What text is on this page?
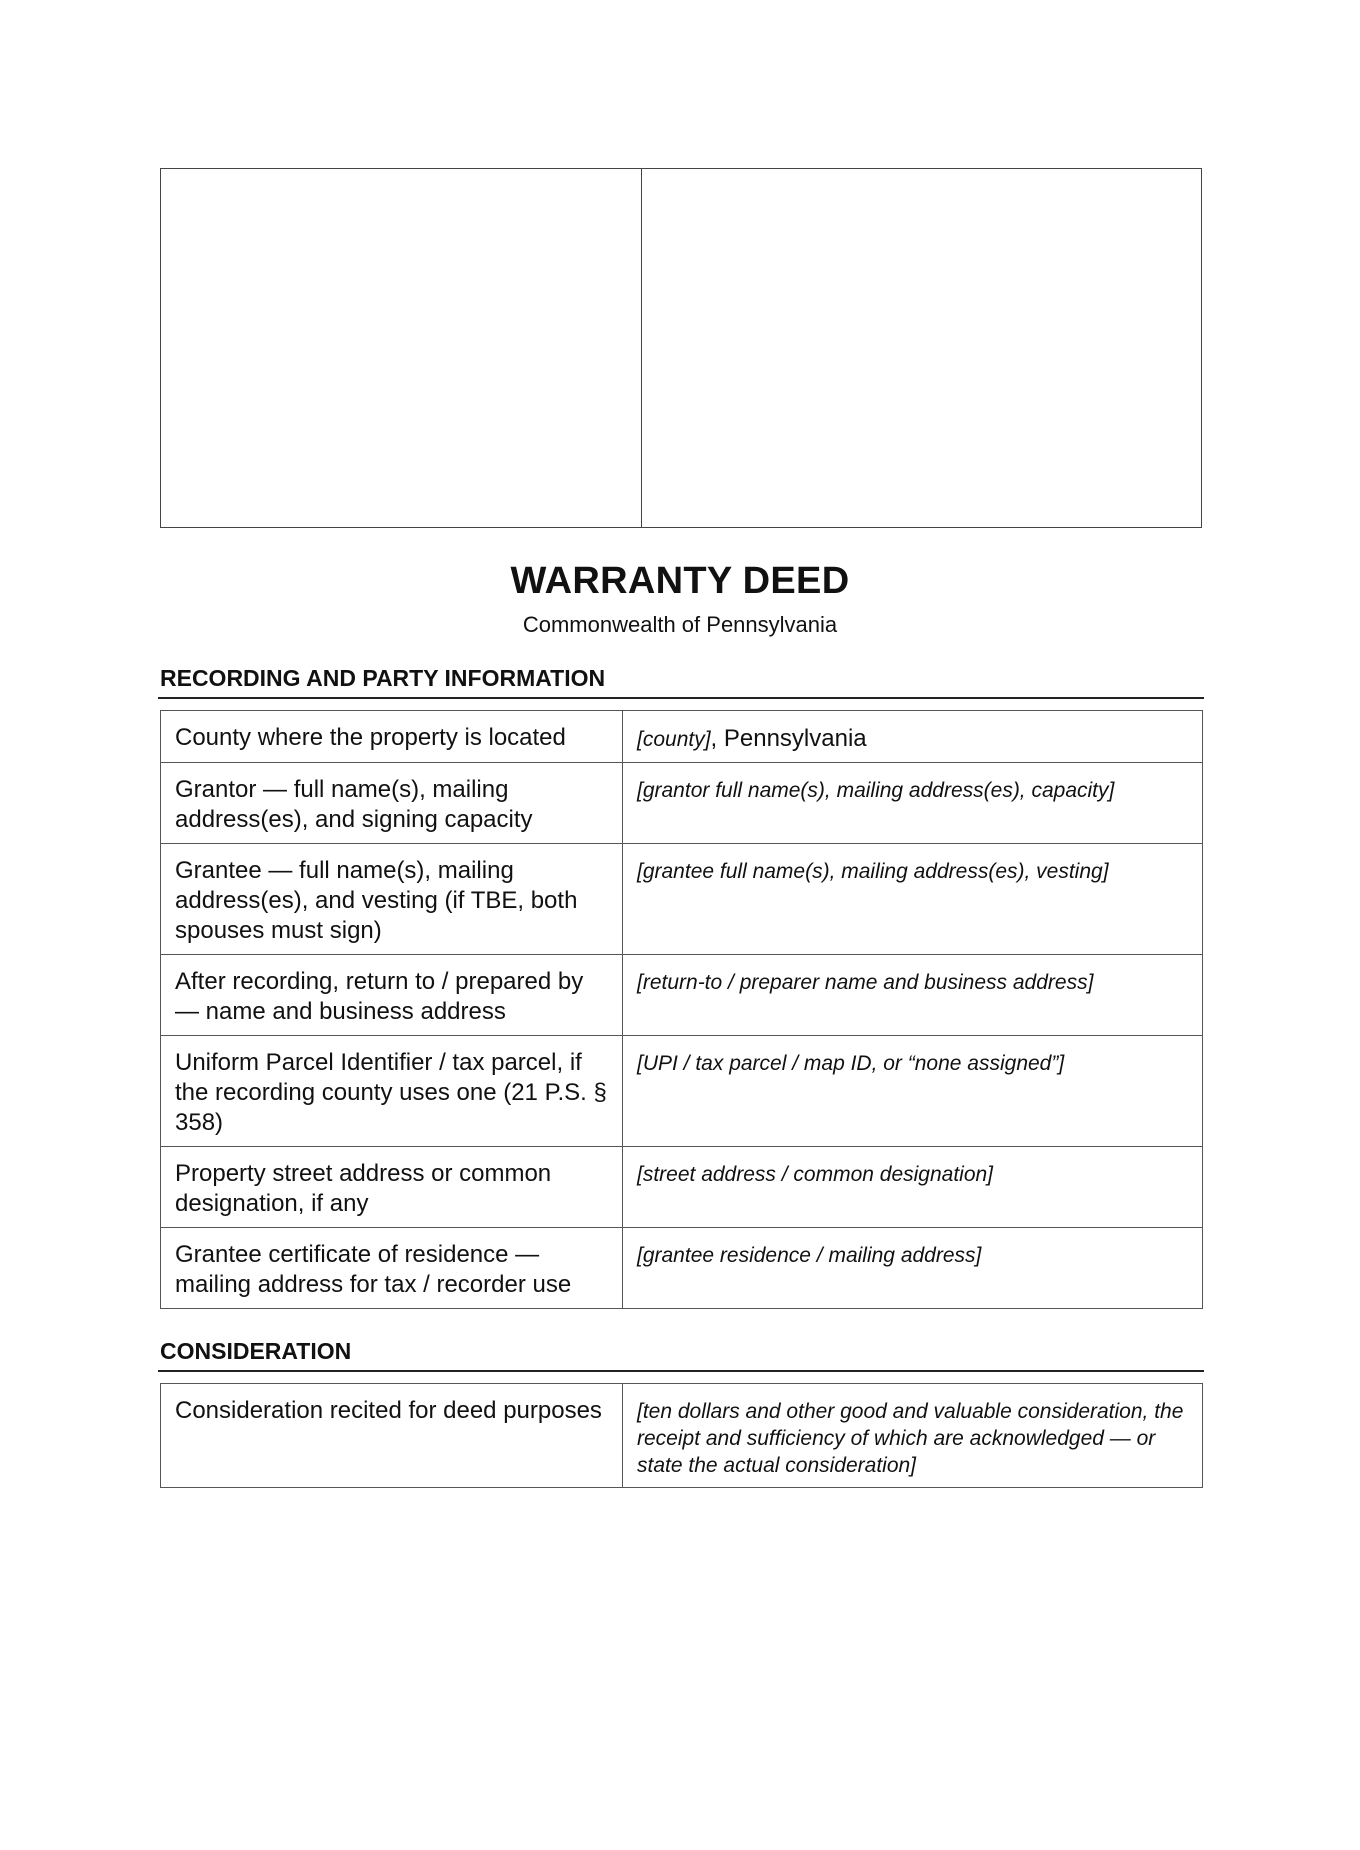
WARRANTY DEED

Commonwealth of Pennsylvania

RECORDING AND PARTY INFORMATION
County where the property is located	[county], Pennsylvania
Grantor — full name(s), mailing address(es), and signing capacity	[grantor full name(s), mailing address(es), capacity]
Grantee — full name(s), mailing address(es), and vesting (if TBE, both spouses must sign)	[grantee full name(s), mailing address(es), vesting]
After recording, return to / prepared by — name and business address	[return-to / preparer name and business address]
Uniform Parcel Identifier / tax parcel, if the recording county uses one (21 P.S. § 358)	[UPI / tax parcel / map ID, or “none assigned”]
Property street address or common designation, if any	[street address / common designation]
Grantee certificate of residence — mailing address for tax / recorder use	[grantee residence / mailing address]
CONSIDERATION
Consideration recited for deed purposes	[ten dollars and other good and valuable consideration, the receipt and sufficiency of which are acknowledged — or state the actual consideration]
